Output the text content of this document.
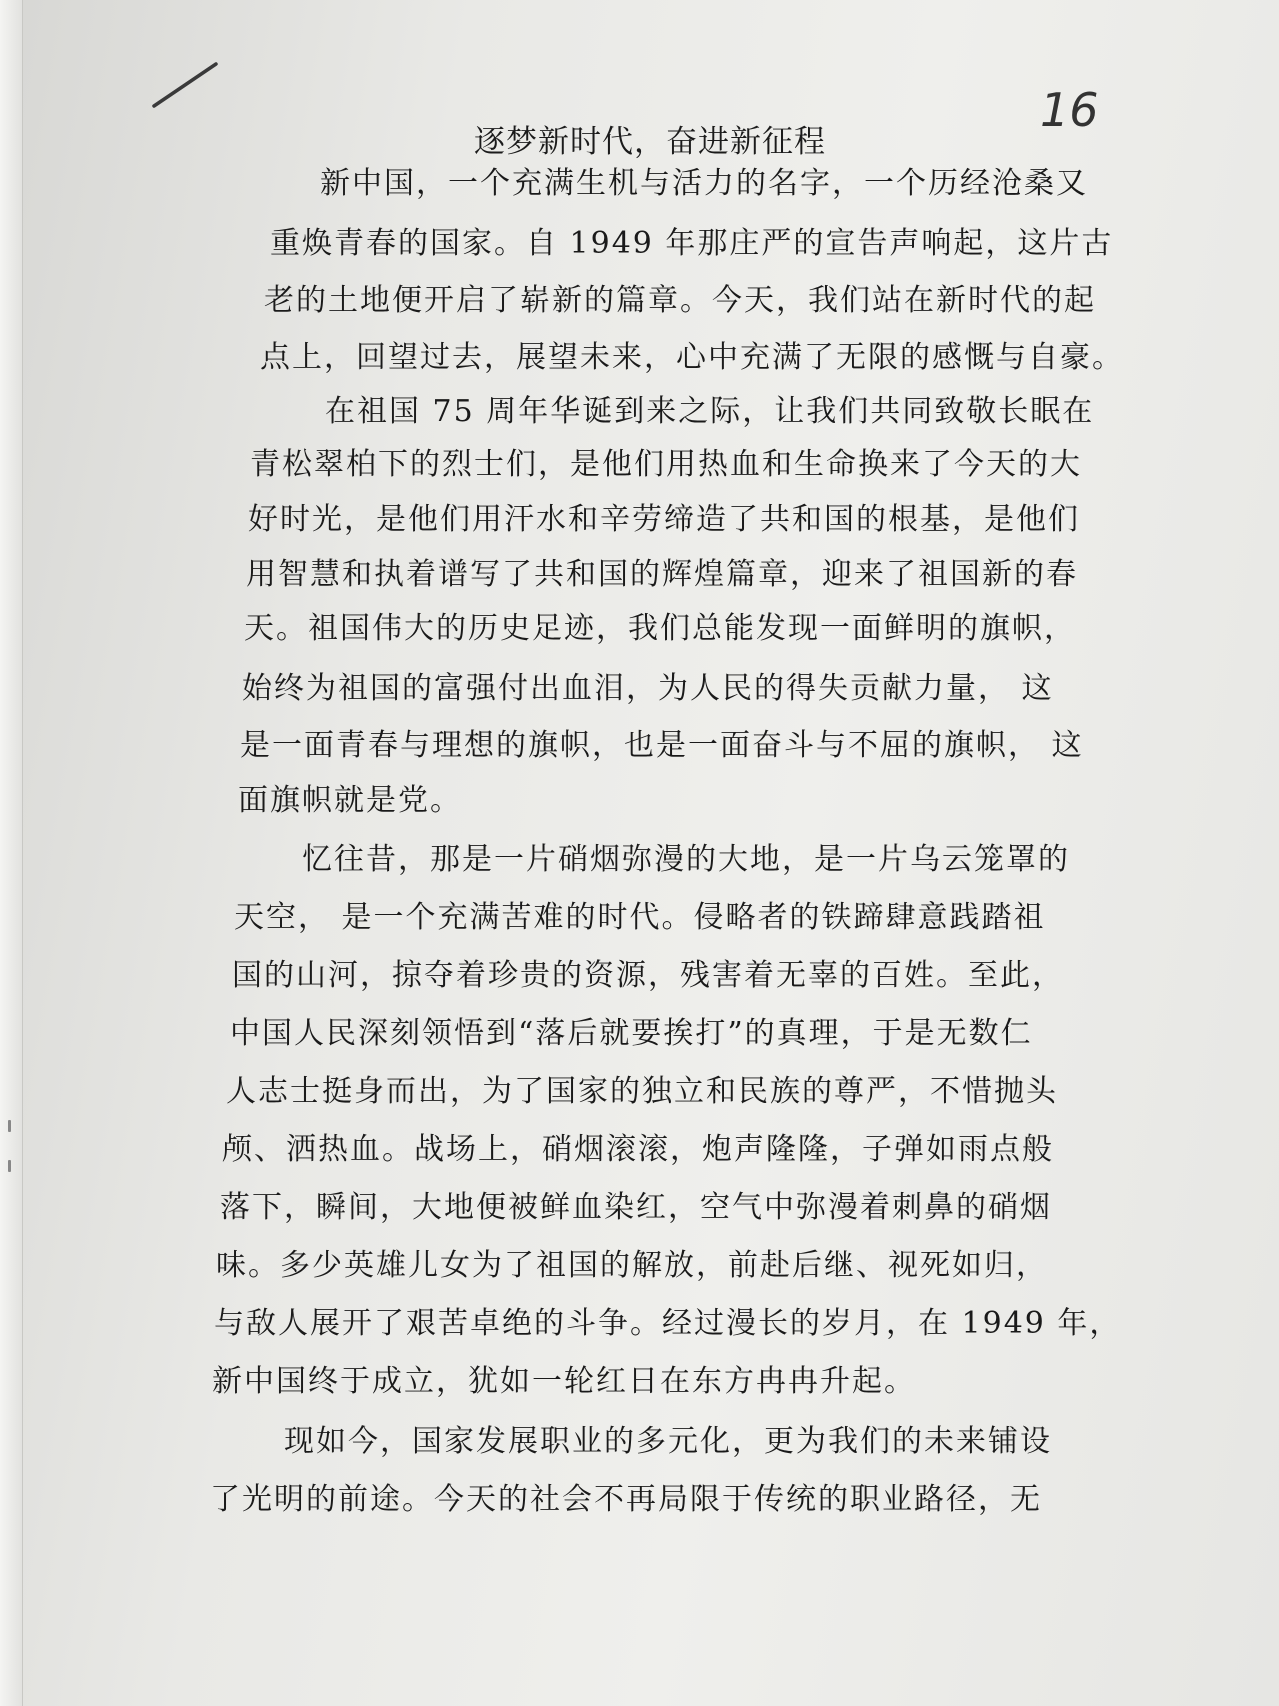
16
逐梦新时代，奋进新征程
新中国，一个充满生机与活力的名字，一个历经沧桑又
重焕青春的国家。自 1949 年那庄严的宣告声响起，这片古
老的土地便开启了崭新的篇章。今天，我们站在新时代的起
点上，回望过去，展望未来，心中充满了无限的感慨与自豪。
在祖国 75 周年华诞到来之际，让我们共同致敬长眠在
青松翠柏下的烈士们，是他们用热血和生命换来了今天的大
好时光，是他们用汗水和辛劳缔造了共和国的根基，是他们
用智慧和执着谱写了共和国的辉煌篇章，迎来了祖国新的春
天。祖国伟大的历史足迹，我们总能发现一面鲜明的旗帜，
始终为祖国的富强付出血泪，为人民的得失贡献力量， 这
是一面青春与理想的旗帜，也是一面奋斗与不屈的旗帜， 这
面旗帜就是党。
忆往昔，那是一片硝烟弥漫的大地，是一片乌云笼罩的
天空， 是一个充满苦难的时代。侵略者的铁蹄肆意践踏祖
国的山河，掠夺着珍贵的资源，残害着无辜的百姓。至此，
中国人民深刻领悟到“落后就要挨打”的真理，于是无数仁
人志士挺身而出，为了国家的独立和民族的尊严，不惜抛头
颅、洒热血。战场上，硝烟滚滚，炮声隆隆，子弹如雨点般
落下，瞬间，大地便被鲜血染红，空气中弥漫着刺鼻的硝烟
味。多少英雄儿女为了祖国的解放，前赴后继、视死如归，
与敌人展开了艰苦卓绝的斗争。经过漫长的岁月，在 1949 年，
新中国终于成立，犹如一轮红日在东方冉冉升起。
现如今，国家发展职业的多元化，更为我们的未来铺设
了光明的前途。今天的社会不再局限于传统的职业路径，无
